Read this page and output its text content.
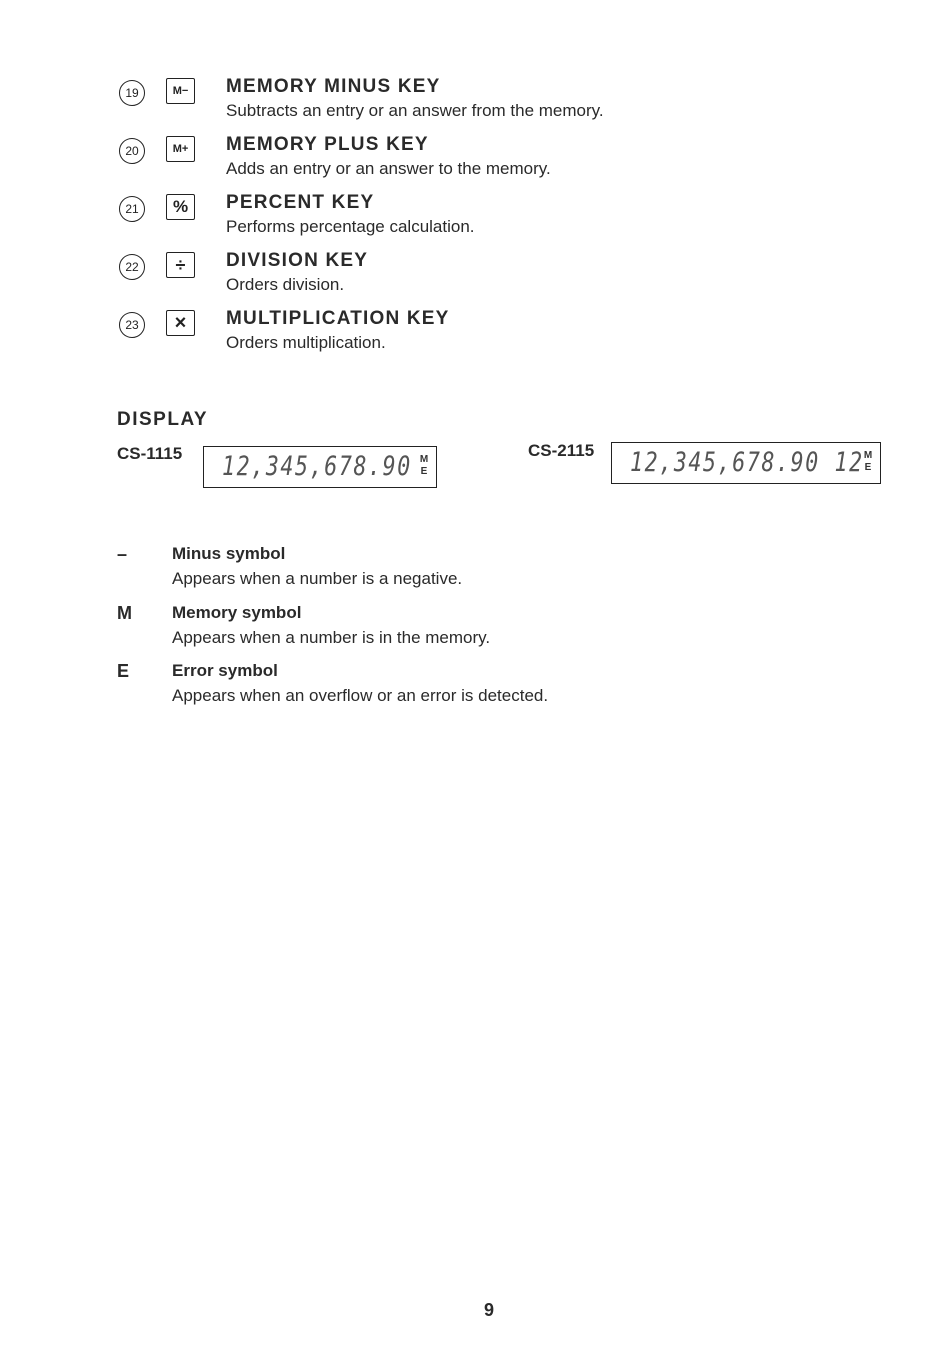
19	M−	MEMORY MINUS KEY
Subtracts an entry or an answer from the memory.
20	M+	MEMORY PLUS KEY
Adds an entry or an answer to the memory.
21	%	PERCENT KEY
Performs percentage calculation.
22	÷	DIVISION KEY
Orders division.
23	×	MULTIPLICATION KEY
Orders multiplication.
DISPLAY
CS-1115 12,345,678.90 M
E
CS-2115 12,345,678.90 12 M
E
–	Minus symbol
Appears when a number is a negative.
M Memory symbol
Appears when a number is in the memory.
E	Error symbol
Appears when an overflow or an error is detected.
9
